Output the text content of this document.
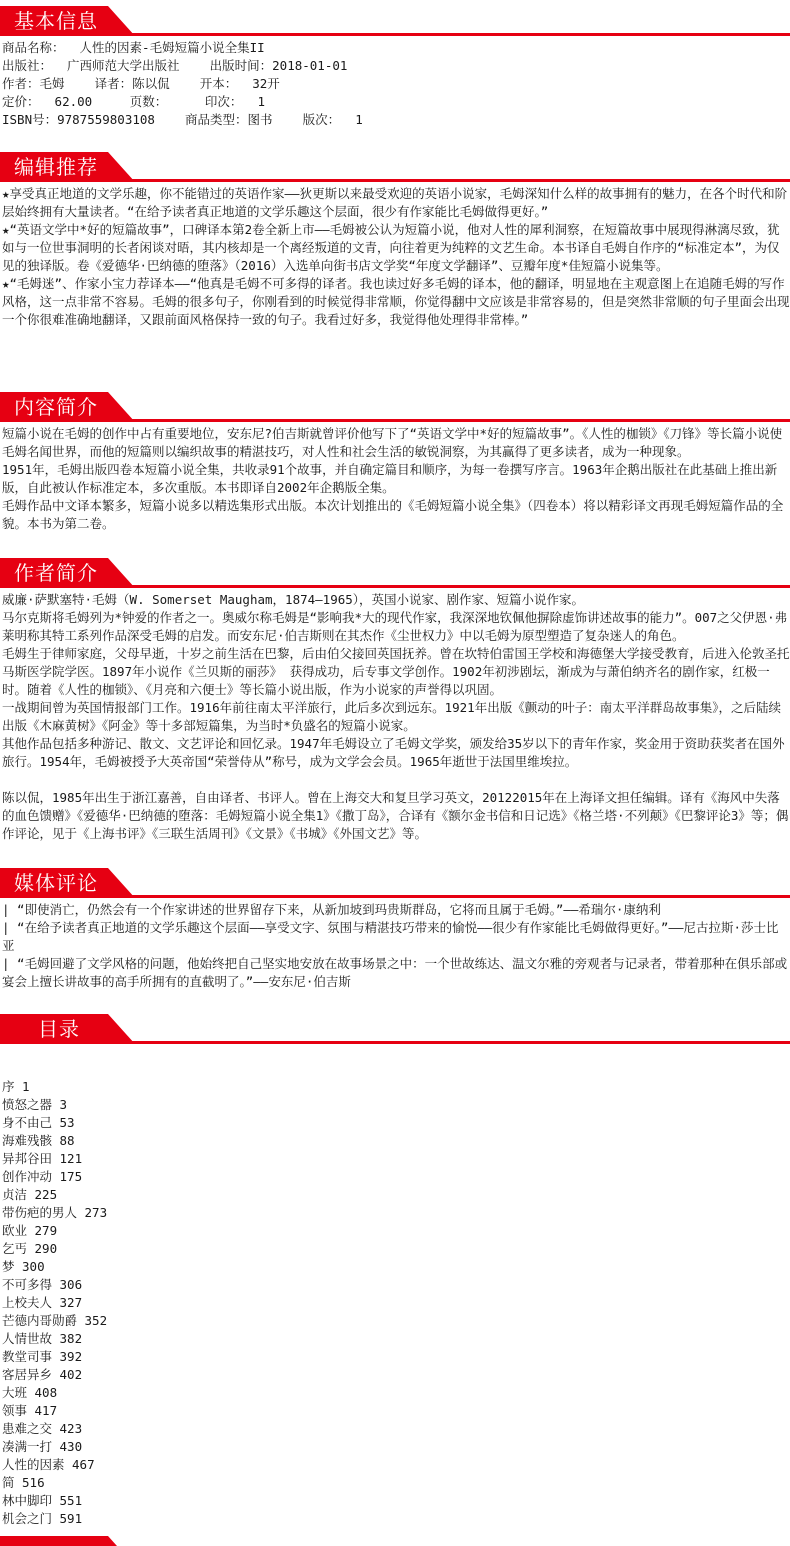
基本信息

商品名称：  人性的因素-毛姆短篇小说全集II

出版社：  广西师范大学出版社    出版时间：2018-01-01

作者：毛姆    译者：陈以侃    开本：  32开

定价：  62.00     页数：     印次：  1

ISBN号：9787559803108    商品类型：图书    版次：  1

编辑推荐

★享受真正地道的文学乐趣，你不能错过的英语作家——狄更斯以来最受欢迎的英语小说家，毛姆深知什么样的故事拥有的魅力，在各个时代和阶层始终拥有大量读者。“在给予读者真正地道的文学乐趣这个层面，很少有作家能比毛姆做得更好。”

★“英语文学中*好的短篇故事”，口碑译本第2卷全新上市——毛姆被公认为短篇小说，他对人性的犀利洞察，在短篇故事中展现得淋漓尽致，犹如与一位世事洞明的长者闲谈对晤，其内核却是一个离经叛道的文青，向往着更为纯粹的文艺生命。本书译自毛姆自作序的“标准定本”，为仅见的独译版。卷《爱德华·巴纳德的堕落》（2016）入选单向街书店文学奖“年度文学翻译”、豆瓣年度*佳短篇小说集等。

★“毛姆迷”、作家小宝力荐译本——“他真是毛姆不可多得的译者。我也读过好多毛姆的译本，他的翻译，明显地在主观意图上在追随毛姆的写作风格，这一点非常不容易。毛姆的很多句子，你刚看到的时候觉得非常顺，你觉得翻中文应该是非常容易的，但是突然非常顺的句子里面会出现一个你很难准确地翻译，又跟前面风格保持一致的句子。我看过好多，我觉得他处理得非常棒。”

内容简介

短篇小说在毛姆的创作中占有重要地位，安东尼?伯吉斯就曾评价他写下了“英语文学中*好的短篇故事”。《人性的枷锁》《刀锋》等长篇小说使毛姆名闻世界，而他的短篇则以编织故事的精湛技巧，对人性和社会生活的敏锐洞察，为其赢得了更多读者，成为一种现象。

1951年，毛姆出版四卷本短篇小说全集，共收录91个故事，并自确定篇目和顺序，为每一卷撰写序言。1963年企鹅出版社在此基础上推出新版，自此被认作标准定本，多次重版。本书即译自2002年企鹅版全集。

毛姆作品中文译本繁多，短篇小说多以精选集形式出版。本次计划推出的《毛姆短篇小说全集》（四卷本）将以精彩译文再现毛姆短篇作品的全貌。本书为第二卷。

作者简介

威廉·萨默塞特·毛姆（W. Somerset Maugham，1874—1965），英国小说家、剧作家、短篇小说作家。

马尔克斯将毛姆列为*钟爱的作者之一。奥威尔称毛姆是“影响我*大的现代作家，我深深地钦佩他摒除虚饰讲述故事的能力”。007之父伊恩·弗莱明称其特工系列作品深受毛姆的启发。而安东尼·伯吉斯则在其杰作《尘世权力》中以毛姆为原型塑造了复杂迷人的角色。

毛姆生于律师家庭，父母早逝，十岁之前生活在巴黎，后由伯父接回英国抚养。曾在坎特伯雷国王学校和海德堡大学接受教育，后进入伦敦圣托马斯医学院学医。1897年小说作《兰贝斯的丽莎》 获得成功，后专事文学创作。1902年初涉剧坛，渐成为与萧伯纳齐名的剧作家，红极一时。随着《人性的枷锁》、《月亮和六便士》等长篇小说出版，作为小说家的声誉得以巩固。

一战期间曾为英国情报部门工作。1916年前往南太平洋旅行，此后多次到远东。1921年出版《颤动的叶子：南太平洋群岛故事集》，之后陆续出版《木麻黄树》《阿金》等十多部短篇集，为当时*负盛名的短篇小说家。

其他作品包括多种游记、散文、文艺评论和回忆录。1947年毛姆设立了毛姆文学奖，颁发给35岁以下的青年作家，奖金用于资助获奖者在国外旅行。1954年，毛姆被授予大英帝国“荣誉侍从”称号，成为文学会会员。1965年逝世于法国里维埃拉。

陈以侃，1985年出生于浙江嘉善，自由译者、书评人。曾在上海交大和复旦学习英文，20122015年在上海译文担任编辑。译有《海风中失落的血色馈赠》《爱德华·巴纳德的堕落：毛姆短篇小说全集1》《撒丁岛》，合译有《额尔金书信和日记选》《格兰塔·不列颠》《巴黎评论3》等；偶作评论，见于《上海书评》《三联生活周刊》《文景》《书城》《外国文艺》等。

媒体评论

| “即使消亡，仍然会有一个作家讲述的世界留存下来，从新加坡到玛贵斯群岛，它将而且属于毛姆。”——希瑞尔·康纳利

| “在给予读者真正地道的文学乐趣这个层面——享受文字、氛围与精湛技巧带来的愉悦——很少有作家能比毛姆做得更好。”——尼古拉斯·莎士比亚

| “毛姆回避了文学风格的问题，他始终把自己坚实地安放在故事场景之中：一个世故练达、温文尔雅的旁观者与记录者，带着那种在俱乐部或宴会上擅长讲故事的高手所拥有的直截明了。”——安东尼·伯吉斯

目录
序 1
愤怒之器 3
身不由己 53
海难残骸 88
异邦谷田 121
创作冲动 175
贞洁 225
带伤疤的男人 273
欧业 279
乞丐 290
梦 300
不可多得 306
上校夫人 327
芒德内哥勋爵 352
人情世故 382
教堂司事 392
客居异乡 402
大班 408
领事 417
患难之交 423
凑满一打 430
人性的因素 467
简 516
林中脚印 551
机会之门 591
